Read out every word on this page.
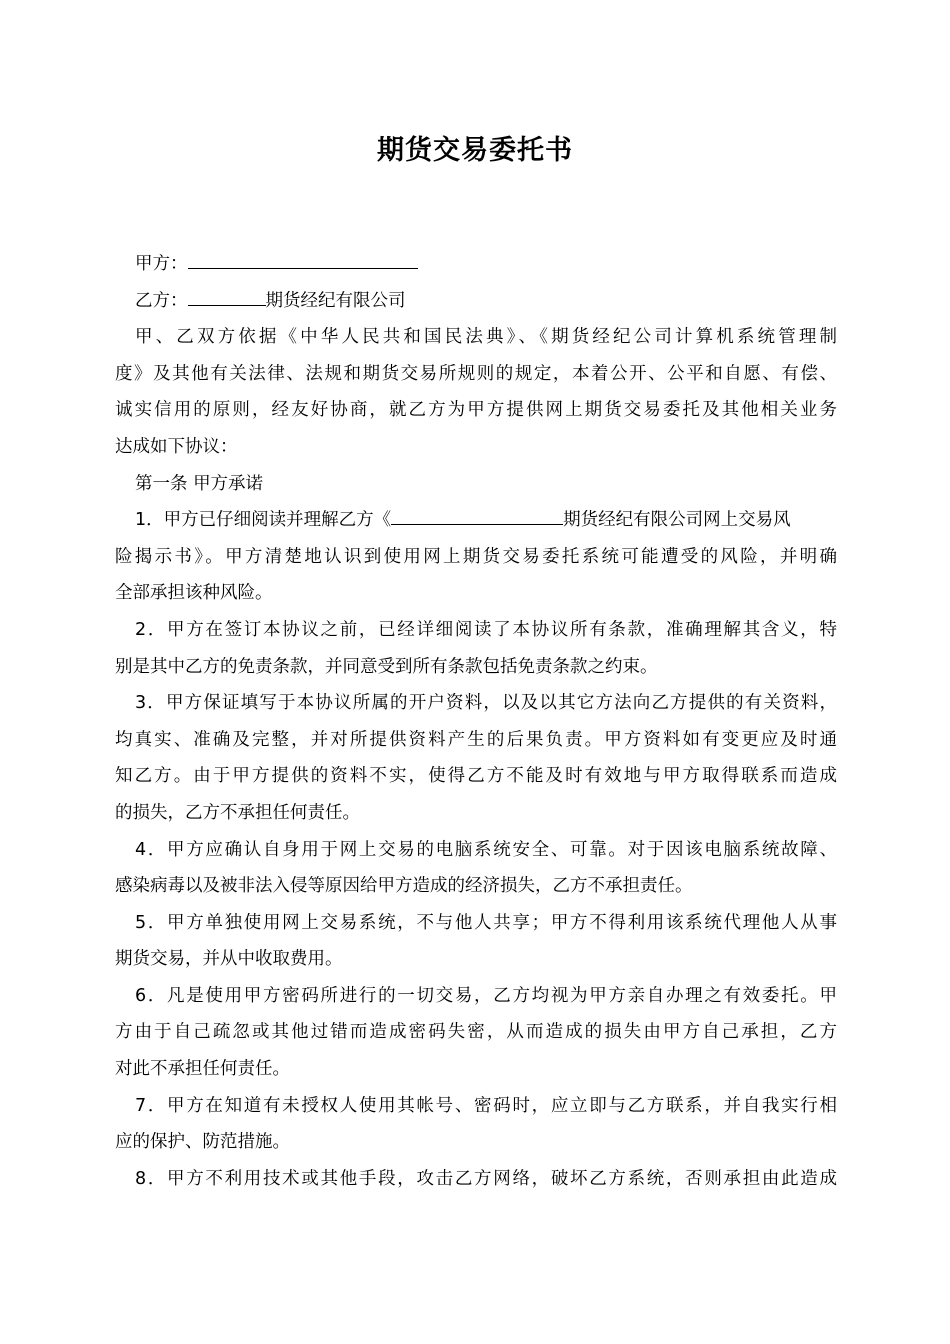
期货交易委托书
甲方：
乙方：	期货经纪有限公司
甲、乙双方依据《中华人民共和国民法典》、《期货经纪公司计算机系统管理制
度》及其他有关法律、法规和期货交易所规则的规定，本着公开、公平和自愿、有偿、
诚实信用的原则，经友好协商，就乙方为甲方提供网上期货交易委托及其他相关业务
达成如下协议：
第一条 甲方承诺
1．甲方已仔细阅读并理解乙方《	期货经纪有限公司网上交易风
险揭示书》。甲方清楚地认识到使用网上期货交易委托系统可能遭受的风险，并明确
全部承担该种风险。
2．甲方在签订本协议之前，已经详细阅读了本协议所有条款，准确理解其含义，特
别是其中乙方的免责条款，并同意受到所有条款包括免责条款之约束。
3．甲方保证填写于本协议所属的开户资料，以及以其它方法向乙方提供的有关资料，
均真实、准确及完整，并对所提供资料产生的后果负责。甲方资料如有变更应及时通
知乙方。由于甲方提供的资料不实，使得乙方不能及时有效地与甲方取得联系而造成
的损失，乙方不承担任何责任。
4．甲方应确认自身用于网上交易的电脑系统安全、可靠。对于因该电脑系统故障、
感染病毒以及被非法入侵等原因给甲方造成的经济损失，乙方不承担责任。
5．甲方单独使用网上交易系统，不与他人共享；甲方不得利用该系统代理他人从事
期货交易，并从中收取费用。
6．凡是使用甲方密码所进行的一切交易，乙方均视为甲方亲自办理之有效委托。甲
方由于自己疏忽或其他过错而造成密码失密，从而造成的损失由甲方自己承担，乙方
对此不承担任何责任。
7．甲方在知道有未授权人使用其帐号、密码时，应立即与乙方联系，并自我实行相
应的保护、防范措施。
8．甲方不利用技术或其他手段，攻击乙方网络，破坏乙方系统，否则承担由此造成
